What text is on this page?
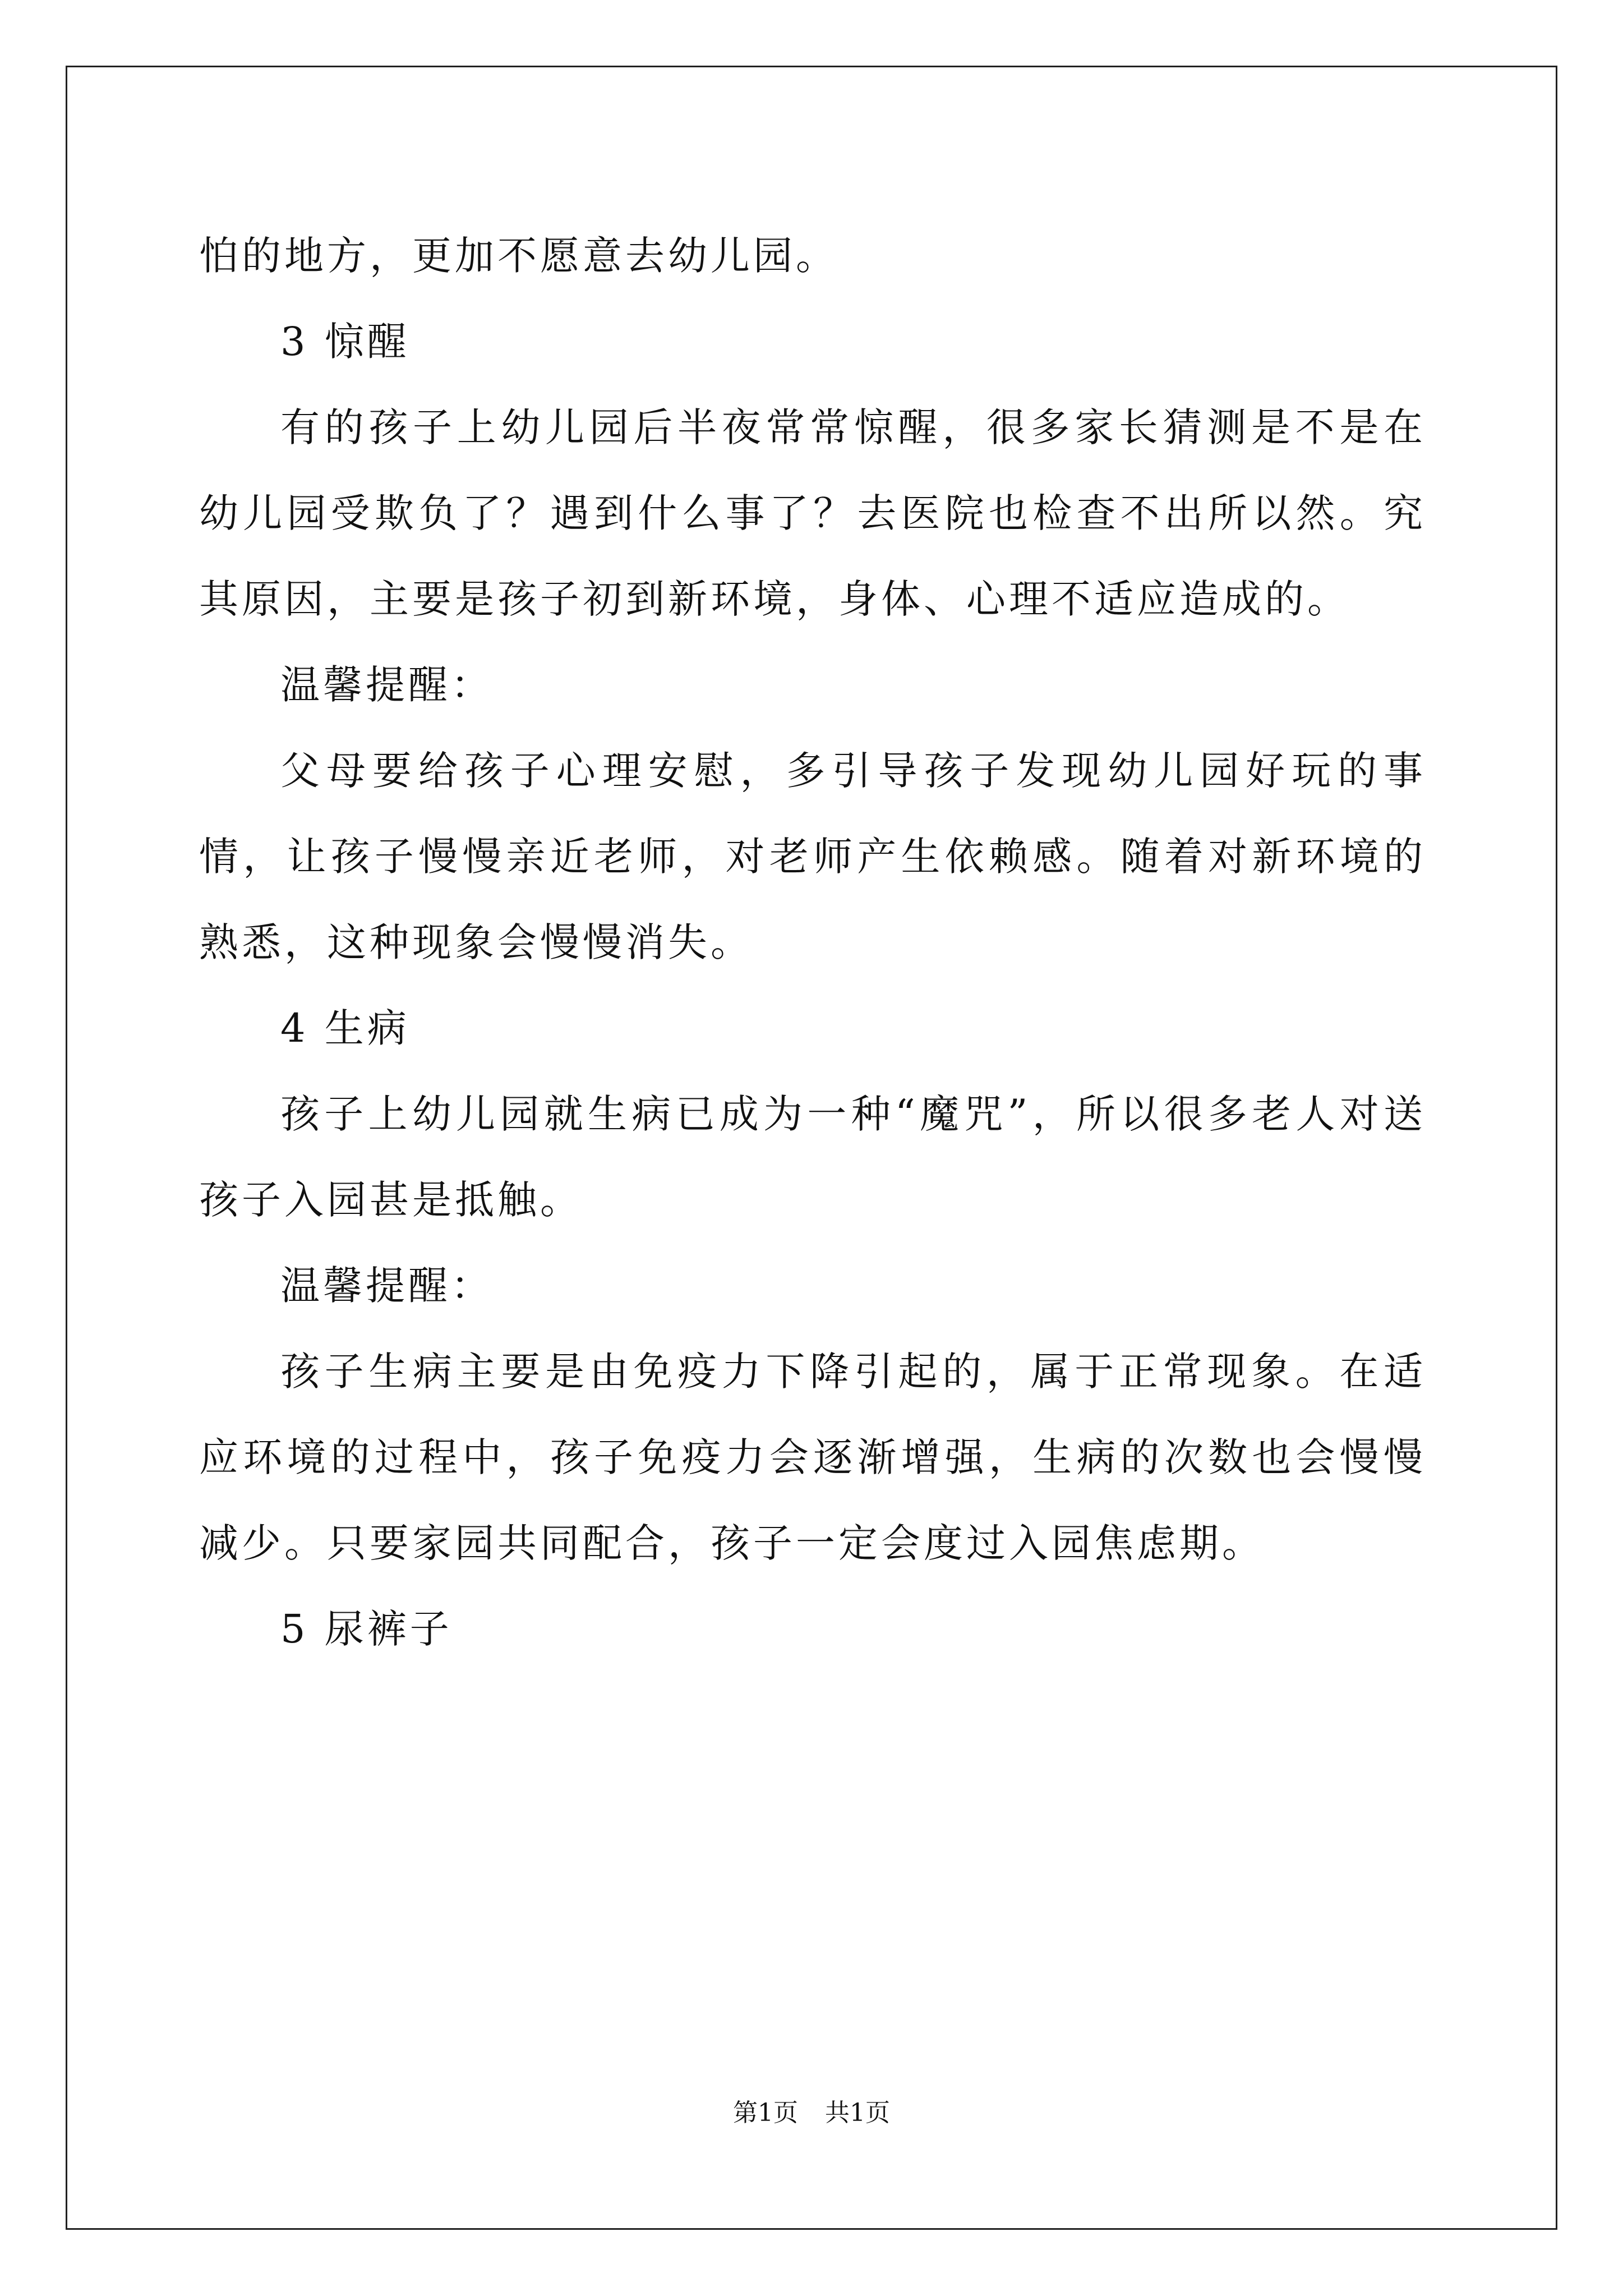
怕的地方，更加不愿意去幼儿园。

3 惊醒

有的孩子上幼儿园后半夜常常惊醒，很多家长猜测是不是在幼儿园受欺负了？遇到什么事了？去医院也检查不出所以然。究其原因，主要是孩子初到新环境，身体、心理不适应造成的。

温馨提醒：

父母要给孩子心理安慰，多引导孩子发现幼儿园好玩的事情，让孩子慢慢亲近老师，对老师产生依赖感。随着对新环境的熟悉，这种现象会慢慢消失。

4 生病

孩子上幼儿园就生病已成为一种“魔咒”，所以很多老人对送孩子入园甚是抵触。

温馨提醒：

孩子生病主要是由免疫力下降引起的，属于正常现象。在适应环境的过程中，孩子免疫力会逐渐增强，生病的次数也会慢慢减少。只要家园共同配合，孩子一定会度过入园焦虑期。

5 尿裤子

第1页 共1页
